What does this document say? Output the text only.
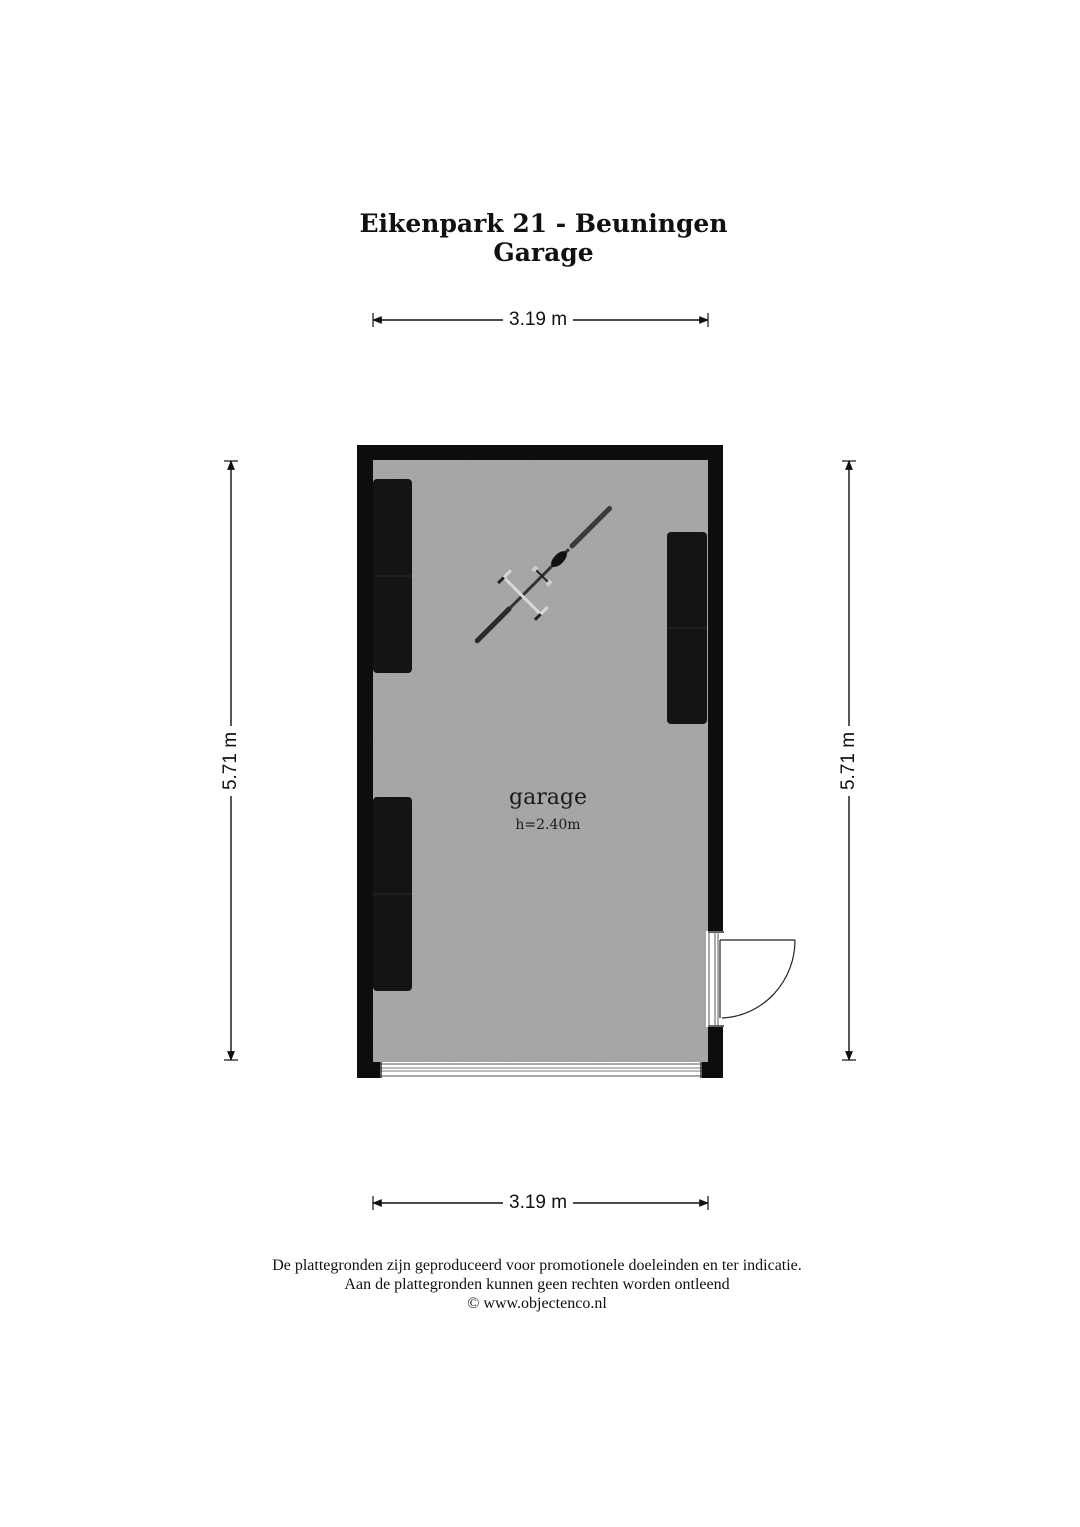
Eikenpark 21 - Beuningen
Garage
3.19 m
3.19 m
5.71 m	5.71 m
garage
h=2.40m
De plattegronden zijn geproduceerd voor promotionele doeleinden en ter indicatie.
Aan de plattegronden kunnen geen rechten worden ontleend
© www.objectenco.nl
